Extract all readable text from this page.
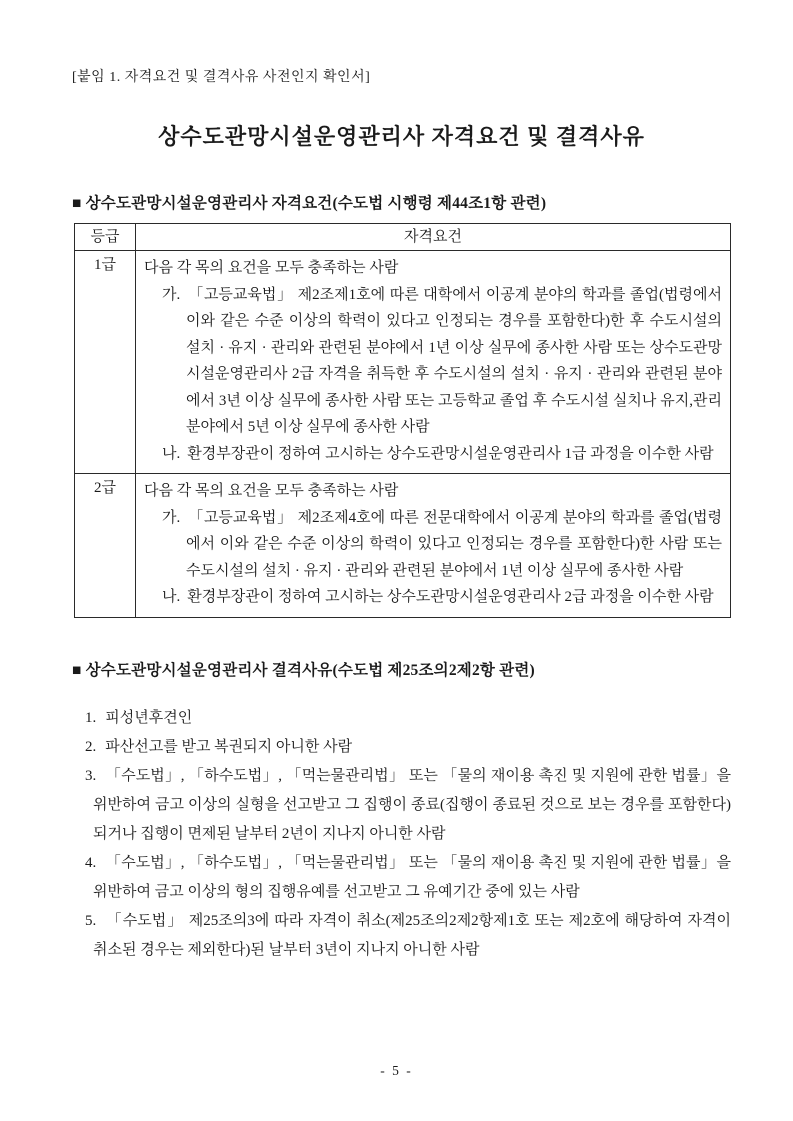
[붙임 1. 자격요건 및 결격사유 사전인지 확인서]
상수도관망시설운영관리사 자격요건 및 결격사유
■ 상수도관망시설운영관리사 자격요건(수도법 시행령 제44조1항 관련)
등급	자격요건
1급	다음 각 목의 요건을 모두 충족하는 사람
가. 「고등교육법」 제2조제1호에 따른 대학에서 이공계 분야의 학과를 졸업(법령에서 이와 같은 수준 이상의 학력이 있다고 인정되는 경우를 포함한다)한 후 수도시설의 설치 · 유지 · 관리와 관련된 분야에서 1년 이상 실무에 종사한 사람 또는 상수도관망시설운영관리사 2급 자격을 취득한 후 수도시설의 설치 · 유지 · 관리와 관련된 분야에서 3년 이상 실무에 종사한 사람 또는 고등학교 졸업 후 수도시설 실치나 유지,관리 분야에서 5년 이상 실무에 종사한 사람
나. 환경부장관이 정하여 고시하는 상수도관망시설운영관리사 1급 과정을 이수한 사람

2급	다음 각 목의 요건을 모두 충족하는 사람
가. 「고등교육법」 제2조제4호에 따른 전문대학에서 이공계 분야의 학과를 졸업(법령에서 이와 같은 수준 이상의 학력이 있다고 인정되는 경우를 포함한다)한 사람 또는 수도시설의 설치 · 유지 · 관리와 관련된 분야에서 1년 이상 실무에 종사한 사람
나. 환경부장관이 정하여 고시하는 상수도관망시설운영관리사 2급 과정을 이수한 사람
■ 상수도관망시설운영관리사 결격사유(수도법 제25조의2제2항 관련)
1. 피성년후견인
2. 파산선고를 받고 복권되지 아니한 사람
3. 「수도법」, 「하수도법」, 「먹는물관리법」 또는 「물의 재이용 촉진 및 지원에 관한 법률」을 위반하여 금고 이상의 실형을 선고받고 그 집행이 종료(집행이 종료된 것으로 보는 경우를 포함한다)되거나 집행이 면제된 날부터 2년이 지나지 아니한 사람
4. 「수도법」, 「하수도법」, 「먹는물관리법」 또는 「물의 재이용 촉진 및 지원에 관한 법률」을 위반하여 금고 이상의 형의 집행유예를 선고받고 그 유예기간 중에 있는 사람
5. 「수도법」 제25조의3에 따라 자격이 취소(제25조의2제2항제1호 또는 제2호에 해당하여 자격이 취소된 경우는 제외한다)된 날부터 3년이 지나지 아니한 사람
- 5 -
